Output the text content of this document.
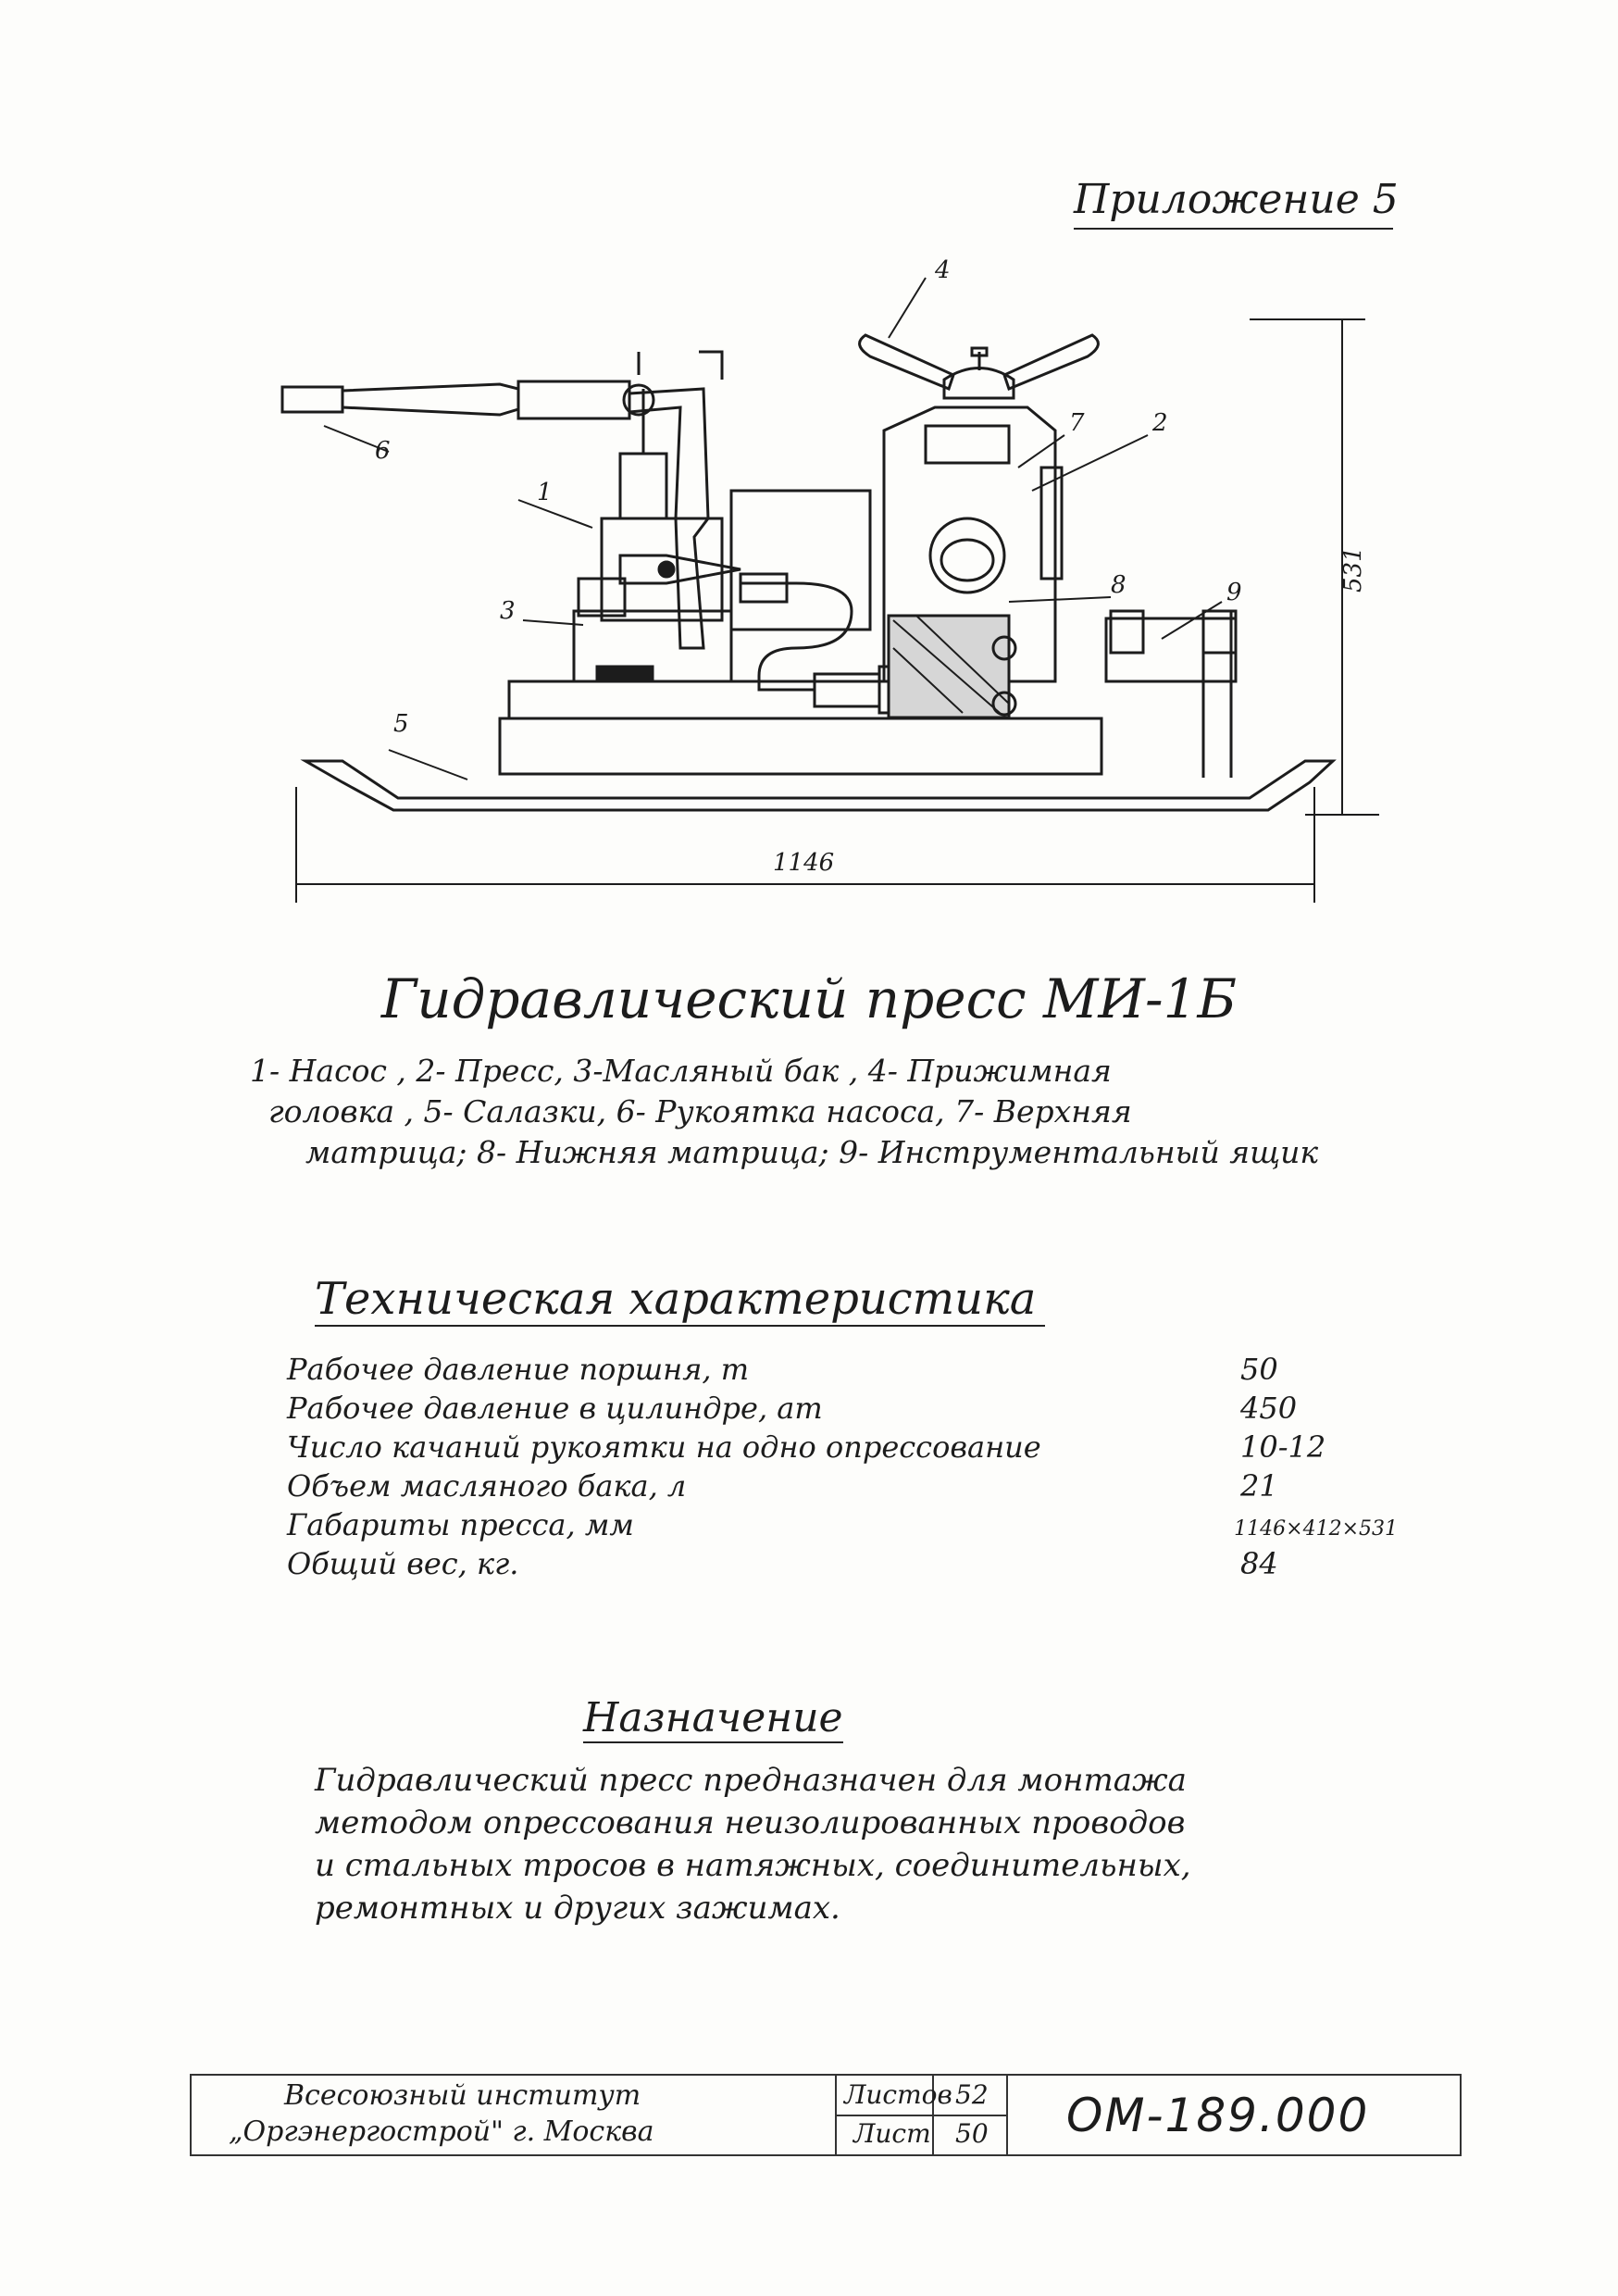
Приложение 5
1
2
3
4
5
6
7
8	9	531
1146
Гидравлический пресс МИ-1Б
1- Насос , 2- Пресс, 3-Масляный бак , 4- Прижимная
головка , 5- Салазки, 6- Рукоятка насоса, 7- Верхняя
матрица; 8- Нижняя матрица; 9- Инструментальный ящик
Техническая характеристика
Рабочее давление поршня, т	50
Рабочее давление в цилиндре, ат	450
Число качаний рукоятки на одно опрессование	10-12
Объем масляного бака, л	21
Габариты пресса, мм	1146×412×531
Общий вес, кг.	84
Назначение
Гидравлический пресс предназначен для монтажа
методом опрессования неизолированных проводов
и стальных тросов в натяжных, соединительных,
ремонтных и других зажимах.
Всесоюзный институт
„Оргэнергострой" г. Москва
Листов 52
Лист 50 ОМ-189.000
